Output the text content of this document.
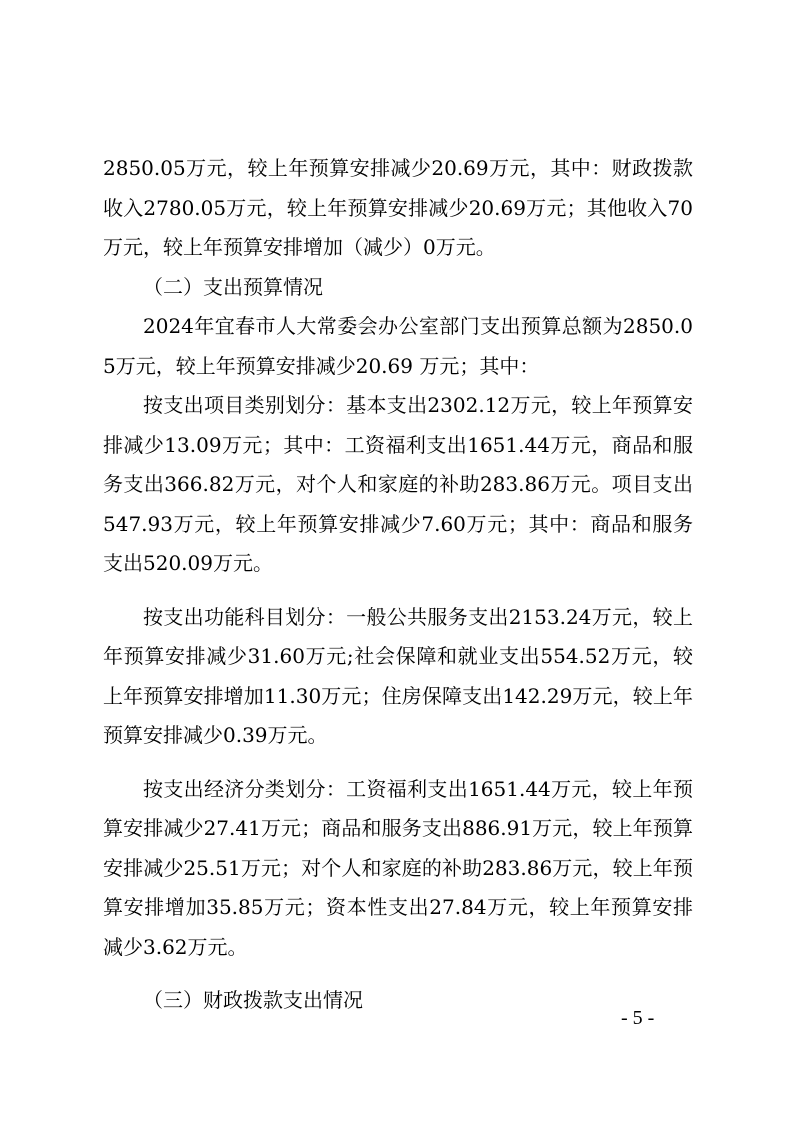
2850.05万元，较上年预算安排减少20.69万元，其中：财政拨款收入2780.05万元，较上年预算安排减少20.69万元；其他收入70万元，较上年预算安排增加（减少）0万元。

（二）支出预算情况

2024年宜春市人大常委会办公室部门支出预算总额为2850.05万元，较上年预算安排减少20.69 万元；其中：

按支出项目类别划分：基本支出2302.12万元，较上年预算安排减少13.09万元；其中：工资福利支出1651.44万元，商品和服务支出366.82万元，对个人和家庭的补助283.86万元。项目支出547.93万元，较上年预算安排减少7.60万元；其中：商品和服务支出520.09万元。

按支出功能科目划分：一般公共服务支出2153.24万元，较上年预算安排减少31.60万元;社会保障和就业支出554.52万元，较上年预算安排增加11.30万元；住房保障支出142.29万元，较上年预算安排减少0.39万元。

按支出经济分类划分：工资福利支出1651.44万元，较上年预算安排减少27.41万元；商品和服务支出886.91万元，较上年预算安排减少25.51万元；对个人和家庭的补助283.86万元，较上年预算安排增加35.85万元；资本性支出27.84万元，较上年预算安排减少3.62万元。

（三）财政拨款支出情况

- 5 -
